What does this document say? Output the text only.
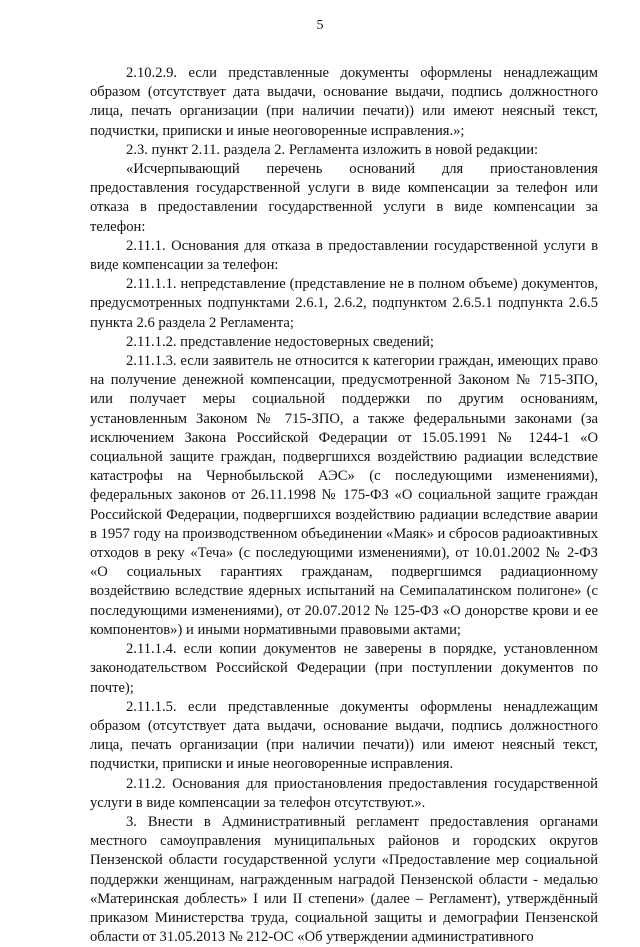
5

2.10.2.9. если представленные документы оформлены ненадлежащим образом (отсутствует дата выдачи, основание выдачи, подпись должностного лица, печать организации (при наличии печати)) или имеют неясный текст, подчистки, приписки и иные неоговоренные исправления.»;

2.3. пункт 2.11. раздела 2. Регламента изложить в новой редакции:

«Исчерпывающий перечень оснований для приостановления предоставления государственной услуги в виде компенсации за телефон или отказа в предоставлении государственной услуги в виде компенсации за телефон:

2.11.1. Основания для отказа в предоставлении государственной услуги в виде компенсации за телефон:

2.11.1.1. непредставление (представление не в полном объеме) документов, предусмотренных подпунктами 2.6.1, 2.6.2, подпунктом 2.6.5.1 подпункта 2.6.5 пункта 2.6 раздела 2 Регламента;

2.11.1.2. представление недостоверных сведений;

2.11.1.3. если заявитель не относится к категории граждан, имеющих право на получение денежной компенсации, предусмотренной Законом № 715-ЗПО, или получает меры социальной поддержки по другим основаниям, установленным Законом № 715-ЗПО, а также федеральными законами (за исключением Закона Российской Федерации от 15.05.1991 № 1244-1 «О социальной защите граждан, подвергшихся воздействию радиации вследствие катастрофы на Чернобыльской АЭС» (с последующими изменениями), федеральных законов от 26.11.1998 № 175-ФЗ «О социальной защите граждан Российской Федерации, подвергшихся воздействию радиации вследствие аварии в 1957 году на производственном объединении «Маяк» и сбросов радиоактивных отходов в реку «Теча» (с последующими изменениями), от 10.01.2002 № 2-ФЗ «О социальных гарантиях гражданам, подвергшимся радиационному воздействию вследствие ядерных испытаний на Семипалатинском полигоне» (с последующими изменениями), от 20.07.2012 № 125-ФЗ «О донорстве крови и ее компонентов») и иными нормативными правовыми актами;

2.11.1.4. если копии документов не заверены в порядке, установленном законодательством Российской Федерации (при поступлении документов по почте);

2.11.1.5. если представленные документы оформлены ненадлежащим образом (отсутствует дата выдачи, основание выдачи, подпись должностного лица, печать организации (при наличии печати)) или имеют неясный текст, подчистки, приписки и иные неоговоренные исправления.

2.11.2. Основания для приостановления предоставления государственной услуги в виде компенсации за телефон отсутствуют.».

3. Внести в Административный регламент предоставления органами местного самоуправления муниципальных районов и городских округов Пензенской области государственной услуги «Предоставление мер социальной поддержки женщинам, награжденным наградой Пензенской области - медалью «Материнская доблесть» I или II степени» (далее – Регламент), утверждённый приказом Министерства труда, социальной защиты и демографии Пензенской области от 31.05.2013 № 212-ОС «Об утверждении административного
